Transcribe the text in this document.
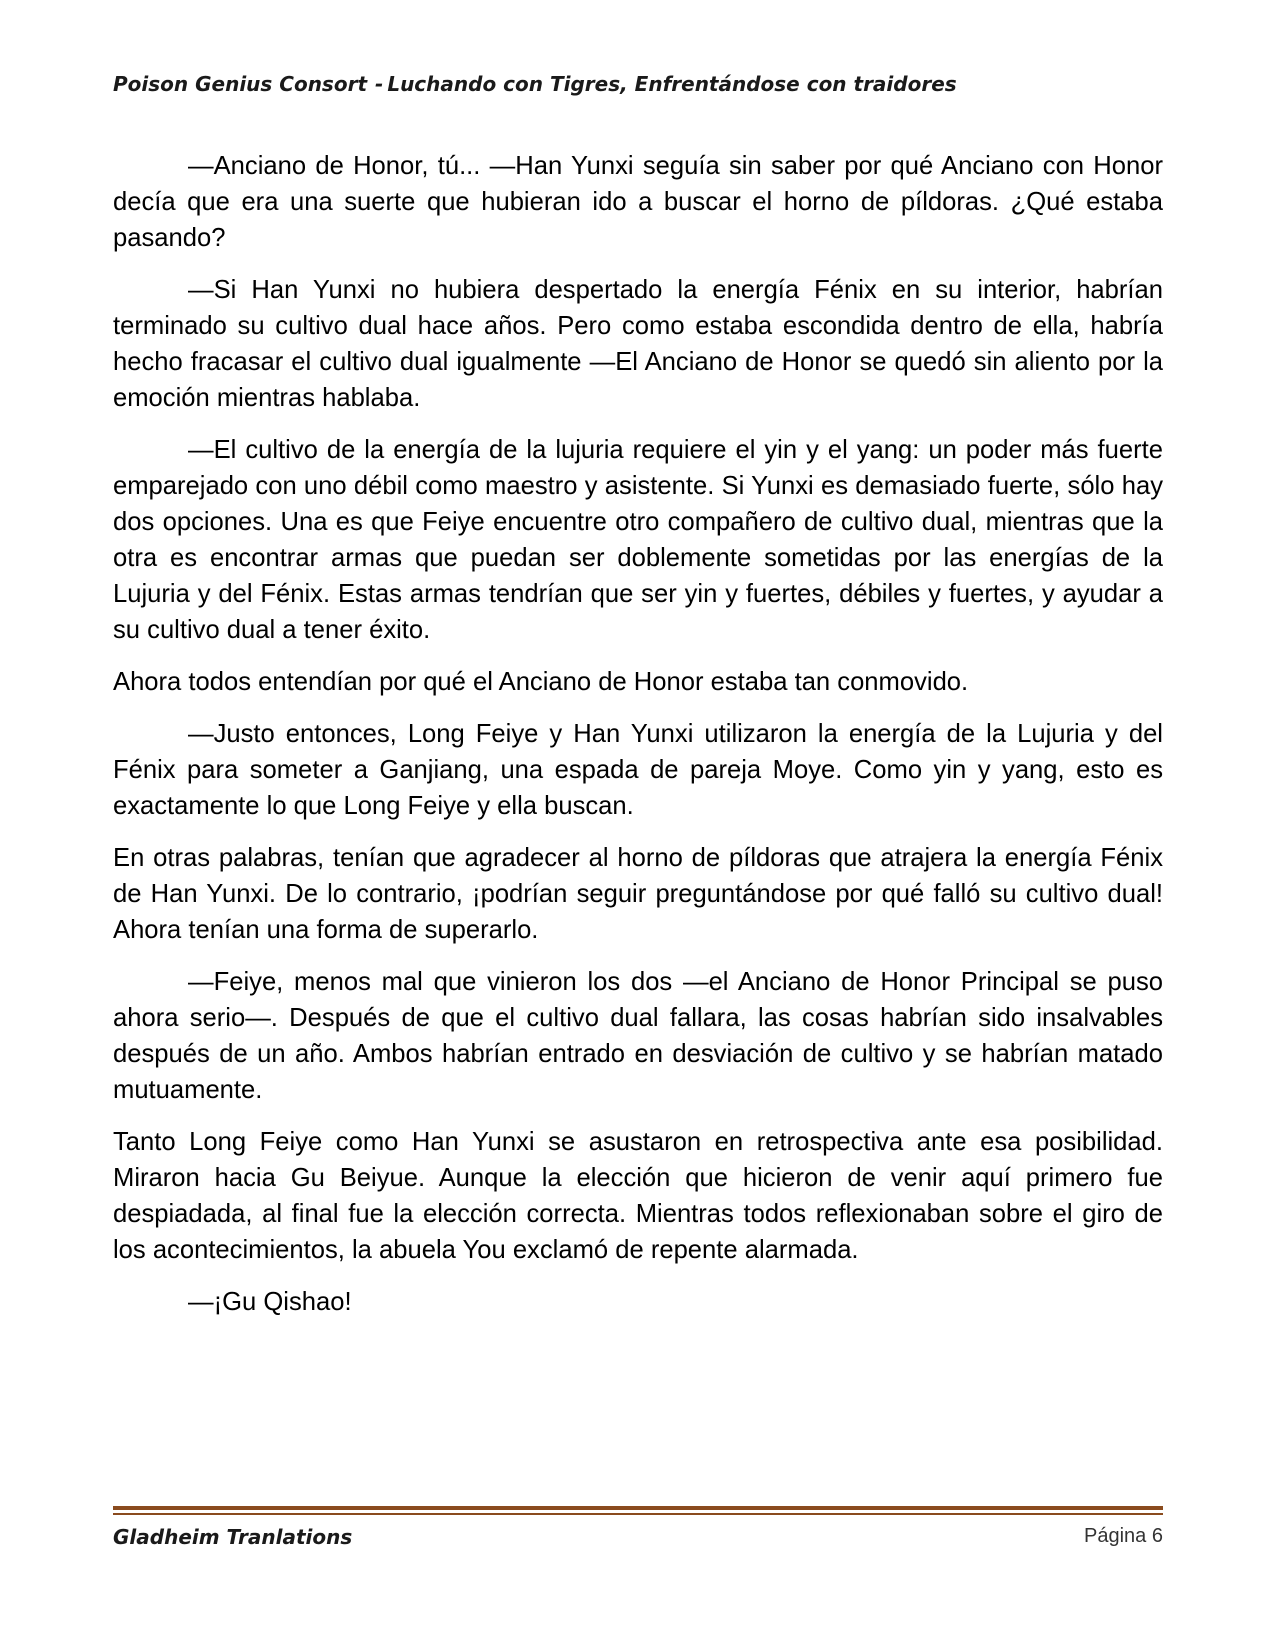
Poison Genius Consort - Luchando con Tigres, Enfrentándose con traidores

—Anciano de Honor, tú... —Han Yunxi seguía sin saber por qué Anciano con Honor decía que era una suerte que hubieran ido a buscar el horno de píldoras. ¿Qué estaba pasando?

—Si Han Yunxi no hubiera despertado la energía Fénix en su interior, habrían terminado su cultivo dual hace años. Pero como estaba escondida dentro de ella, habría hecho fracasar el cultivo dual igualmente —El Anciano de Honor se quedó sin aliento por la emoción mientras hablaba.

—El cultivo de la energía de la lujuria requiere el yin y el yang: un poder más fuerte emparejado con uno débil como maestro y asistente. Si Yunxi es demasiado fuerte, sólo hay dos opciones. Una es que Feiye encuentre otro compañero de cultivo dual, mientras que la otra es encontrar armas que puedan ser doblemente sometidas por las energías de la Lujuria y del Fénix. Estas armas tendrían que ser yin y fuertes, débiles y fuertes, y ayudar a su cultivo dual a tener éxito.

Ahora todos entendían por qué el Anciano de Honor estaba tan conmovido.

—Justo entonces, Long Feiye y Han Yunxi utilizaron la energía de la Lujuria y del Fénix para someter a Ganjiang, una espada de pareja Moye. Como yin y yang, esto es exactamente lo que Long Feiye y ella buscan.

En otras palabras, tenían que agradecer al horno de píldoras que atrajera la energía Fénix de Han Yunxi. De lo contrario, ¡podrían seguir preguntándose por qué falló su cultivo dual! Ahora tenían una forma de superarlo.

—Feiye, menos mal que vinieron los dos —el Anciano de Honor Principal se puso ahora serio—. Después de que el cultivo dual fallara, las cosas habrían sido insalvables después de un año. Ambos habrían entrado en desviación de cultivo y se habrían matado mutuamente.

Tanto Long Feiye como Han Yunxi se asustaron en retrospectiva ante esa posibilidad. Miraron hacia Gu Beiyue. Aunque la elección que hicieron de venir aquí primero fue despiadada, al final fue la elección correcta. Mientras todos reflexionaban sobre el giro de los acontecimientos, la abuela You exclamó de repente alarmada.

—¡Gu Qishao!

Gladheim Tranlations	Página 6
